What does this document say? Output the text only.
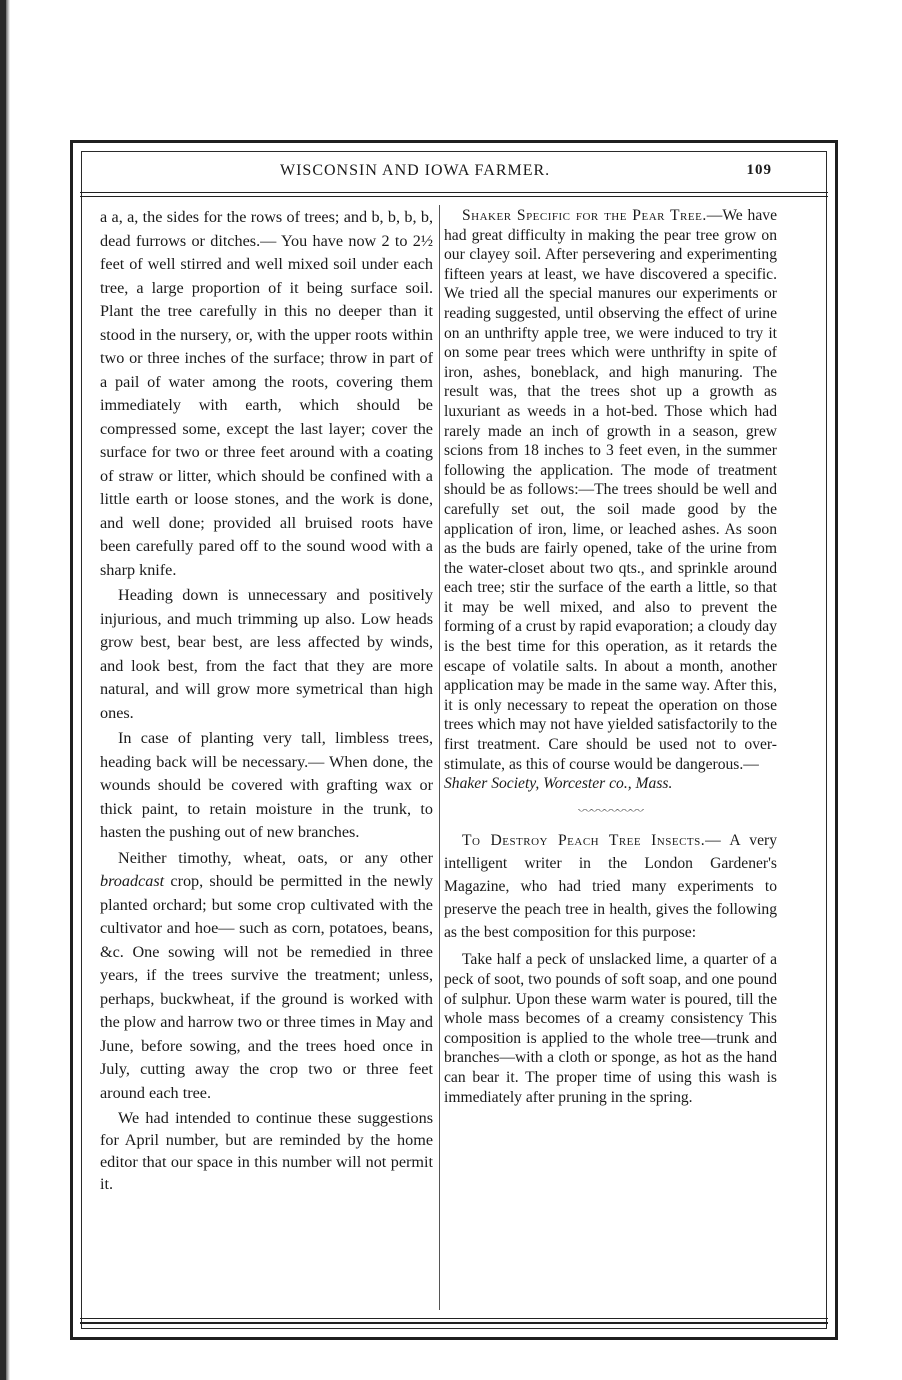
WISCONSIN AND IOWA FARMER.	109

a a, a, the sides for the rows of trees; and b, b, b, b, dead furrows or ditches.— You have now 2 to 2½ feet of well stirred and well mixed soil under each tree, a large proportion of it being surface soil. Plant the tree carefully in this no deeper than it stood in the nursery, or, with the upper roots within two or three inches of the surface; throw in part of a pail of water among the roots, covering them immediately with earth, which should be compressed some, except the last layer; cover the surface for two or three feet around with a coating of straw or litter, which should be confined with a little earth or loose stones, and the work is done, and well done; provided all bruised roots have been carefully pared off to the sound wood with a sharp knife.

Heading down is unnecessary and positively injurious, and much trimming up also. Low heads grow best, bear best, are less affected by winds, and look best, from the fact that they are more natural, and will grow more symetrical than high ones.

In case of planting very tall, limbless trees, heading back will be necessary.— When done, the wounds should be covered with grafting wax or thick paint, to retain moisture in the trunk, to hasten the pushing out of new branches.

Neither timothy, wheat, oats, or any other broadcast crop, should be permitted in the newly planted orchard; but some crop cultivated with the cultivator and hoe— such as corn, potatoes, beans, &c. One sowing will not be remedied in three years, if the trees survive the treatment; unless, perhaps, buckwheat, if the ground is worked with the plow and harrow two or three times in May and June, before sowing, and the trees hoed once in July, cutting away the crop two or three feet around each tree.

We had intended to continue these suggestions for April number, but are reminded by the home editor that our space in this number will not permit it.

Shaker Specific for the Pear Tree.—We have had great difficulty in making the pear tree grow on our clayey soil. After persevering and experimenting fifteen years at least, we have discovered a specific. We tried all the special manures our experiments or reading suggested, until observing the effect of urine on an unthrifty apple tree, we were induced to try it on some pear trees which were unthrifty in spite of iron, ashes, boneblack, and high manuring. The result was, that the trees shot up a growth as luxuriant as weeds in a hot-bed. Those which had rarely made an inch of growth in a season, grew scions from 18 inches to 3 feet even, in the summer following the application. The mode of treatment should be as follows:—The trees should be well and carefully set out, the soil made good by the application of iron, lime, or leached ashes. As soon as the buds are fairly opened, take of the urine from the water-closet about two qts., and sprinkle around each tree; stir the surface of the earth a little, so that it may be well mixed, and also to prevent the forming of a crust by rapid evaporation; a cloudy day is the best time for this operation, as it retards the escape of volatile salts. In about a month, another application may be made in the same way. After this, it is only necessary to repeat the operation on those trees which may not have yielded satisfactorily to the first treatment. Care should be used not to over-stimulate, as this of course would be dangerous.—

Shaker Society, Worcester co., Mass.

〰〰〰〰〰

To Destroy Peach Tree Insects.— A very intelligent writer in the London Gardener's Magazine, who had tried many experiments to preserve the peach tree in health, gives the following as the best composition for this purpose:

Take half a peck of unslacked lime, a quarter of a peck of soot, two pounds of soft soap, and one pound of sulphur. Upon these warm water is poured, till the whole mass becomes of a creamy consistency This composition is applied to the whole tree—trunk and branches—with a cloth or sponge, as hot as the hand can bear it. The proper time of using this wash is immediately after pruning in the spring.
